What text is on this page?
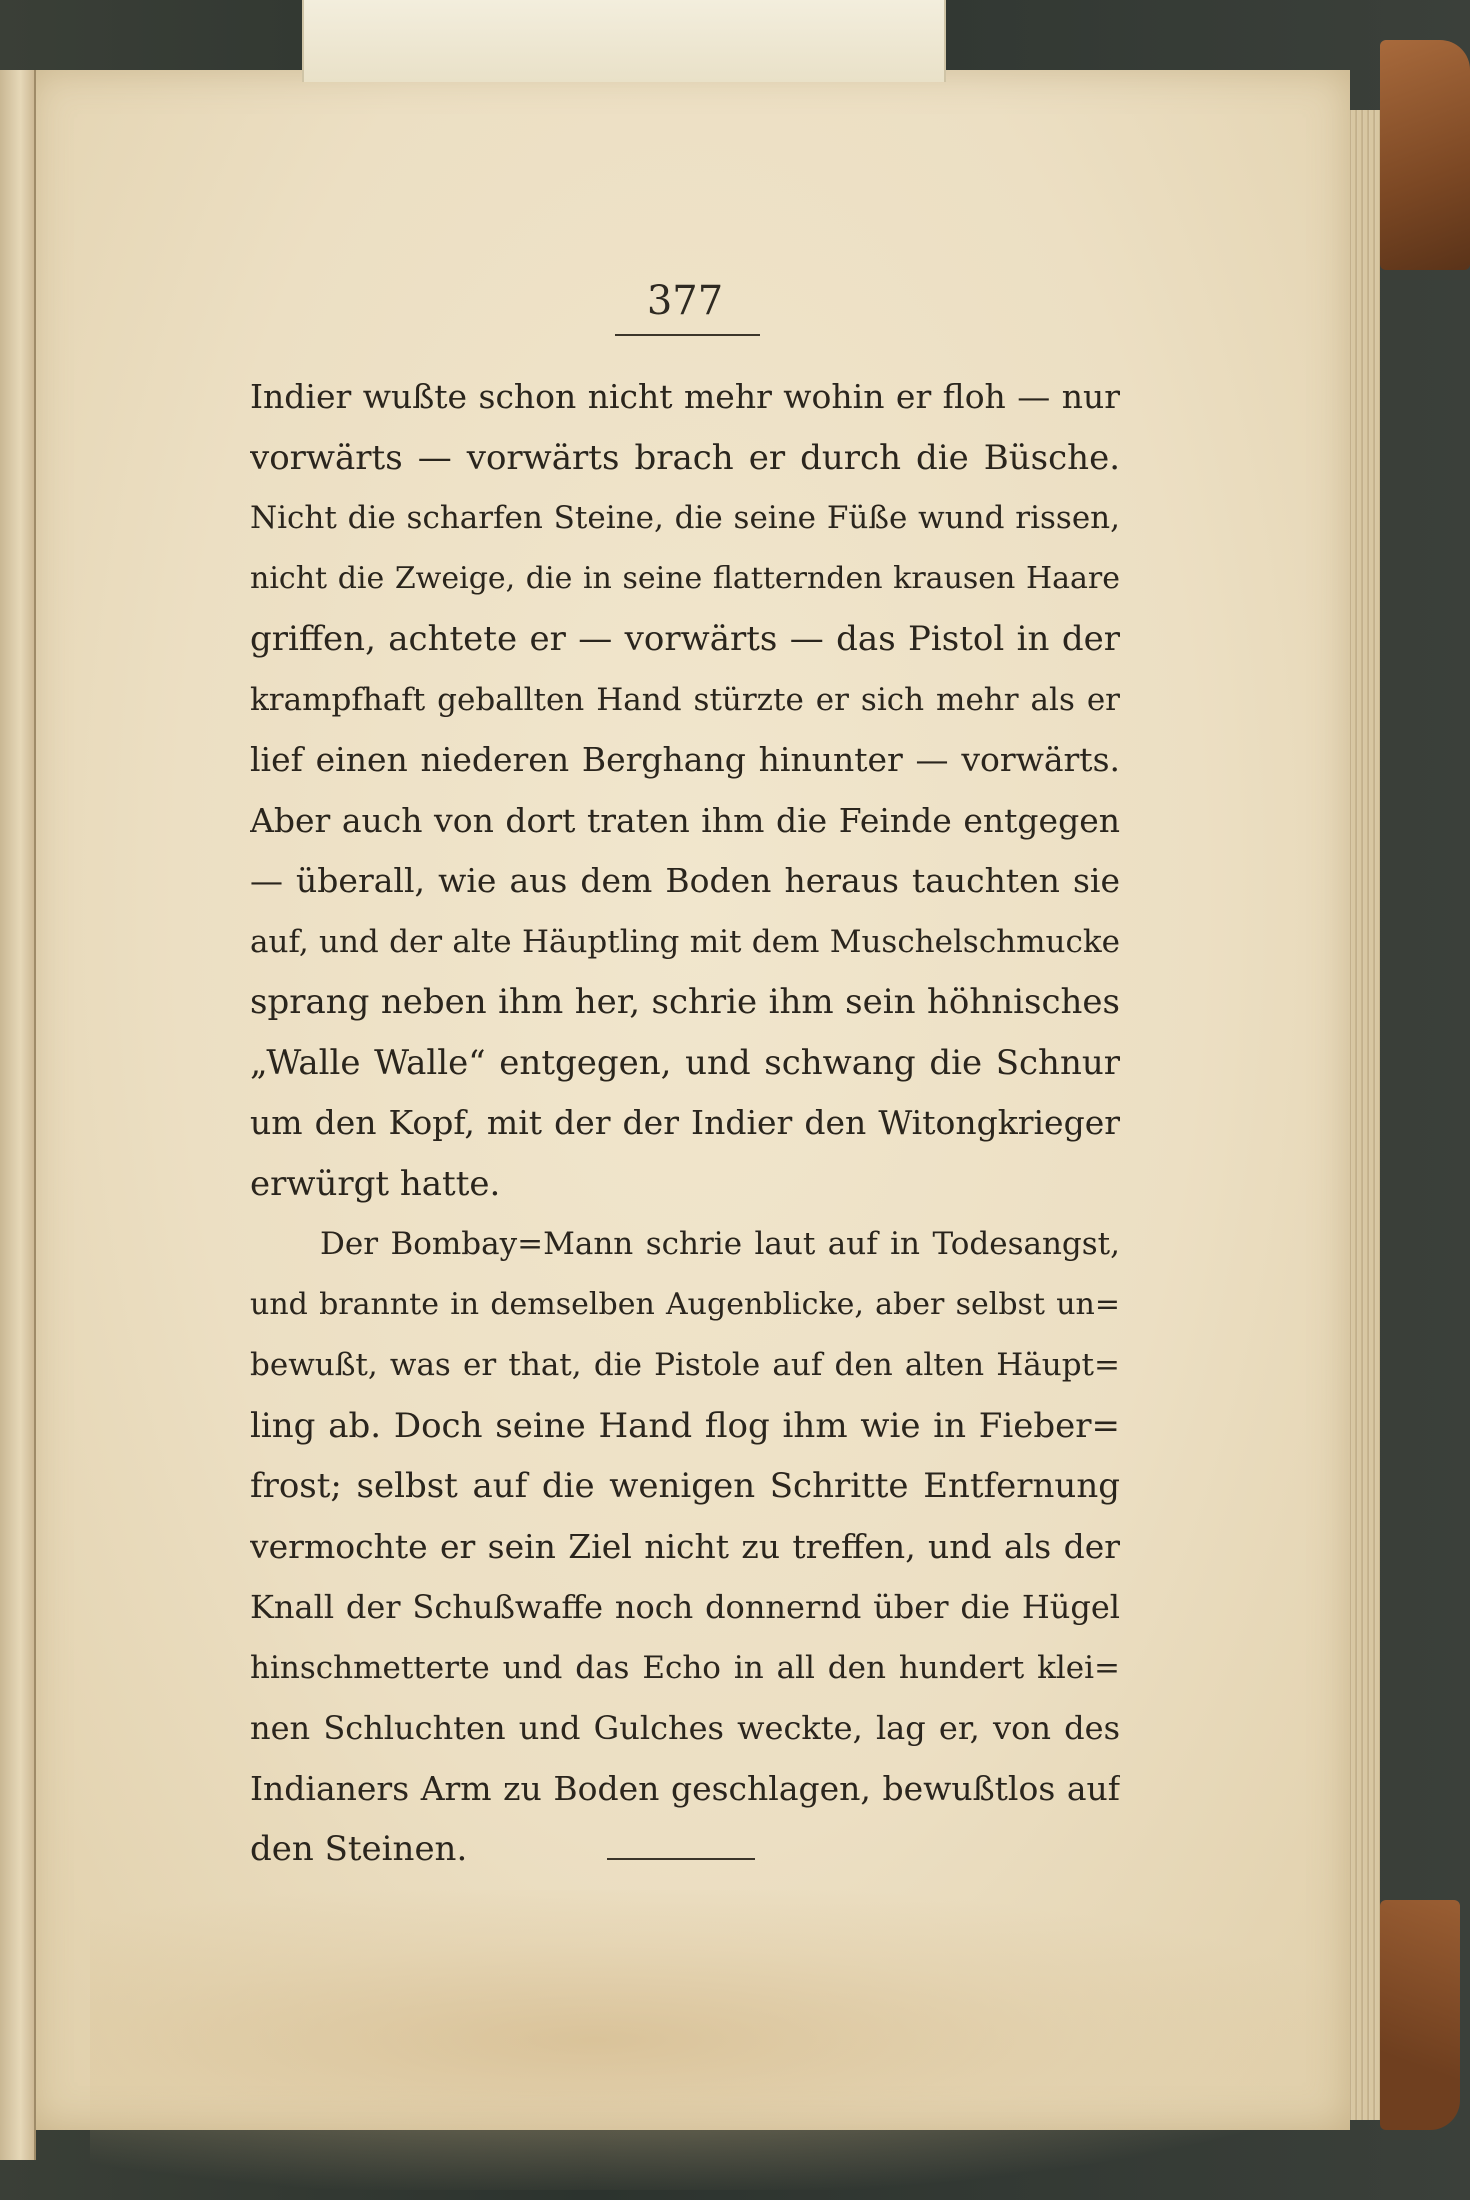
377
Indier wußte schon nicht mehr wohin er floh — nur
vorwärts — vorwärts brach er durch die Büsche.
Nicht die scharfen Steine, die seine Füße wund rissen,
nicht die Zweige, die in seine flatternden krausen Haare
griffen, achtete er — vorwärts — das Pistol in der
krampfhaft geballten Hand stürzte er sich mehr als er
lief einen niederen Berghang hinunter — vorwärts.
Aber auch von dort traten ihm die Feinde entgegen
— überall, wie aus dem Boden heraus tauchten sie
auf, und der alte Häuptling mit dem Muschelschmucke
sprang neben ihm her, schrie ihm sein höhnisches
„Walle Walle“ entgegen, und schwang die Schnur
um den Kopf, mit der der Indier den Witongkrieger
erwürgt hatte.
Der Bombay=Mann schrie laut auf in Todesangst,
und brannte in demselben Augenblicke, aber selbst un=
bewußt, was er that, die Pistole auf den alten Häupt=
ling ab. Doch seine Hand flog ihm wie in Fieber=
frost; selbst auf die wenigen Schritte Entfernung
vermochte er sein Ziel nicht zu treffen, und als der
Knall der Schußwaffe noch donnernd über die Hügel
hinschmetterte und das Echo in all den hundert klei=
nen Schluchten und Gulches weckte, lag er, von des
Indianers Arm zu Boden geschlagen, bewußtlos auf
den Steinen.
